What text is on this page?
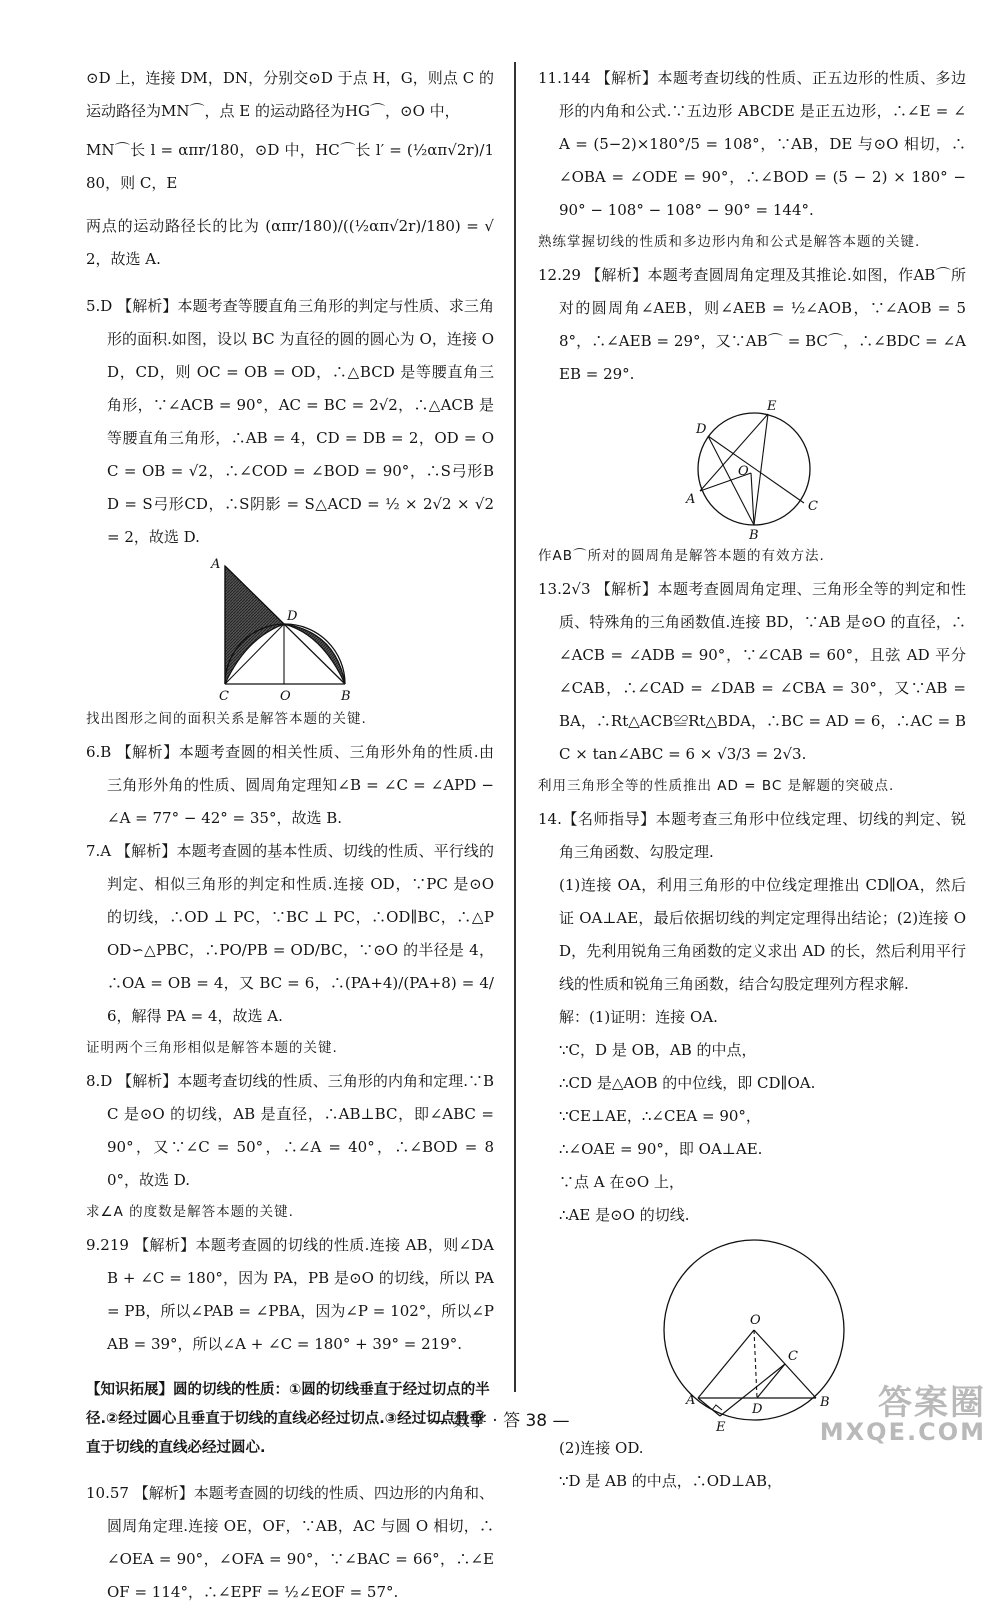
⊙D 上，连接 DM，DN，分别交⊙D 于点 H，G，则点 C 的运动路径为MN⌒，点 E 的运动路径为HG⌒，⊙O 中，

MN⌒长 l = απr/180，⊙D 中，HC⌒长 l′ = (½απ√2r)/180，则 C，E

两点的运动路径长的比为 (απr/180)/((½απ√2r)/180) = √2，故选 A.

5.D 【解析】本题考查等腰直角三角形的判定与性质、求三角形的面积.如图，设以 BC 为直径的圆的圆心为 O，连接 OD，CD，则 OC = OB = OD，∴△BCD 是等腰直角三角形，∵∠ACB = 90°，AC = BC = 2√2，∴△ACB 是等腰直角三角形，∴AB = 4，CD = DB = 2，OD = OC = OB = √2，∴∠COD = ∠BOD = 90°，∴S弓形BD = S弓形CD，∴S阴影 = S△ACD = ½ × 2√2 × √2 = 2，故选 D.

A
D
C	O	B

找出图形之间的面积关系是解答本题的关键.

6.B 【解析】本题考查圆的相关性质、三角形外角的性质.由三角形外角的性质、圆周角定理知∠B = ∠C = ∠APD − ∠A = 77° − 42° = 35°，故选 B.

7.A 【解析】本题考查圆的基本性质、切线的性质、平行线的判定、相似三角形的判定和性质.连接 OD，∵PC 是⊙O 的切线，∴OD ⊥ PC，∵BC ⊥ PC，∴OD∥BC，∴△POD∽△PBC，∴PO/PB = OD/BC，∵⊙O 的半径是 4，∴OA = OB = 4，又 BC = 6，∴(PA+4)/(PA+8) = 4/6，解得 PA = 4，故选 A.

证明两个三角形相似是解答本题的关键.

8.D 【解析】本题考查切线的性质、三角形的内角和定理.∵BC 是⊙O 的切线，AB 是直径，∴AB⊥BC，即∠ABC = 90°，又∵∠C = 50°，∴∠A = 40°，∴∠BOD = 80°，故选 D.

求∠A 的度数是解答本题的关键.

9.219 【解析】本题考查圆的切线的性质.连接 AB，则∠DAB + ∠C = 180°，因为 PA，PB 是⊙O 的切线，所以 PA = PB，所以∠PAB = ∠PBA，因为∠P = 102°，所以∠PAB = 39°，所以∠A + ∠C = 180° + 39° = 219°.

【知识拓展】圆的切线的性质：①圆的切线垂直于经过切点的半径.②经过圆心且垂直于切线的直线必经过切点.③经过切点且垂直于切线的直线必经过圆心.

10.57 【解析】本题考查圆的切线的性质、四边形的内角和、圆周角定理.连接 OE，OF，∵AB，AC 与圆 O 相切，∴∠OEA = 90°，∠OFA = 90°，∵∠BAC = 66°，∴∠EOF = 114°，∴∠EPF = ½∠EOF = 57°.

11.144 【解析】本题考查切线的性质、正五边形的性质、多边形的内角和公式.∵五边形 ABCDE 是正五边形，∴∠E = ∠A = (5−2)×180°/5 = 108°，∵AB，DE 与⊙O 相切，∴∠OBA = ∠ODE = 90°，∴∠BOD = (5 − 2) × 180° − 90° − 108° − 108° − 90° = 144°.

熟练掌握切线的性质和多边形内角和公式是解答本题的关键.

12.29 【解析】本题考查圆周角定理及其推论.如图，作AB⌒所对的圆周角∠AEB，则∠AEB = ½∠AOB，∵∠AOB = 58°，∴∠AEB = 29°，又∵AB⌒ = BC⌒，∴∠BDC = ∠AEB = 29°.

D
E
O
A	C
B

作AB⌒所对的圆周角是解答本题的有效方法.

13.2√3 【解析】本题考查圆周角定理、三角形全等的判定和性质、特殊角的三角函数值.连接 BD，∵AB 是⊙O 的直径，∴∠ACB = ∠ADB = 90°，∵∠CAB = 60°，且弦 AD 平分∠CAB，∴∠CAD = ∠DAB = ∠CBA = 30°，又∵AB = BA，∴Rt△ACB≌Rt△BDA，∴BC = AD = 6，∴AC = BC × tan∠ABC = 6 × √3/3 = 2√3.

利用三角形全等的性质推出 AD = BC 是解题的突破点.

14.【名师指导】本题考查三角形中位线定理、切线的判定、锐角三角函数、勾股定理.

(1)连接 OA，利用三角形的中位线定理推出 CD∥OA，然后证 OA⊥AE，最后依据切线的判定定理得出结论；(2)连接 OD，先利用锐角三角函数的定义求出 AD 的长，然后利用平行线的性质和锐角三角函数，结合勾股定理列方程求解.

解：(1)证明：连接 OA.

∵C，D 是 OB，AB 的中点，

∴CD 是△AOB 的中位线，即 CD∥OA.

∵CE⊥AE，∴∠CEA = 90°，

∴∠OAE = 90°，即 OA⊥AE.

∵点 A 在⊙O 上，

∴AE 是⊙O 的切线.

O
C
A
D	B
E

(2)连接 OD.

∵D 是 AB 的中点，∴OD⊥AB，

— 数学 · 答 38 —	答案圈
MXQE.COM
